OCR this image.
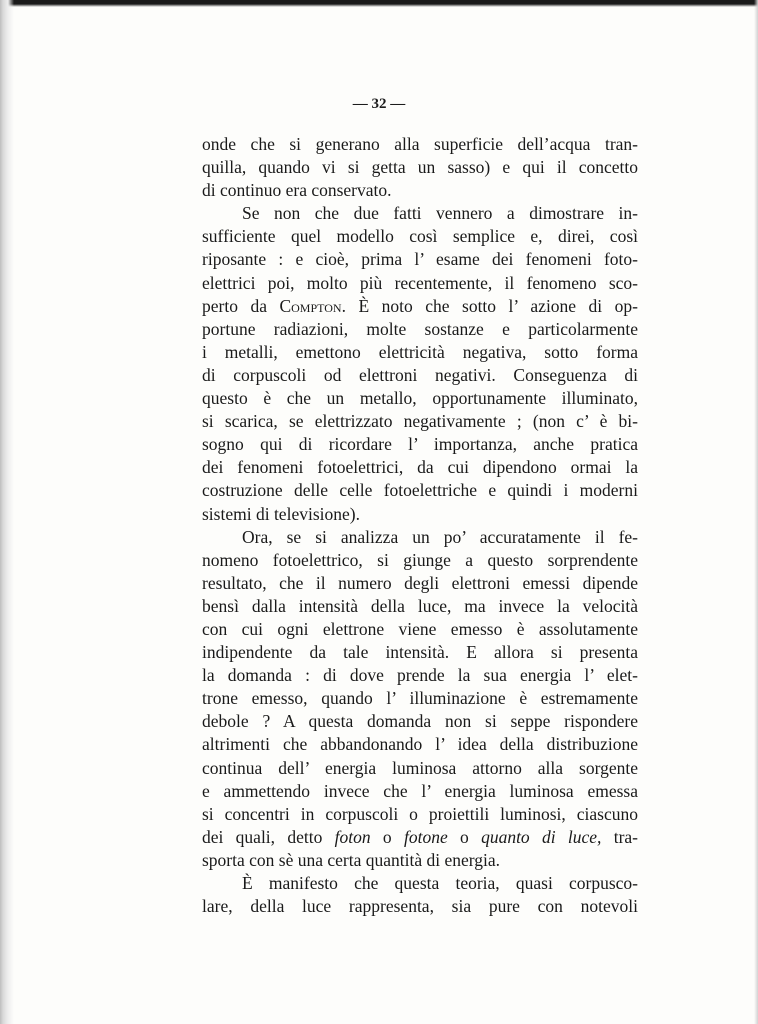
— 32 —
onde che si generano alla superficie dell’acqua tran-
quilla, quando vi si getta un sasso) e qui il concetto
di continuo era conservato.
Se non che due fatti vennero a dimostrare in-
sufficiente quel modello così semplice e, direi, così
riposante : e cioè, prima l’ esame dei fenomeni foto-
elettrici poi, molto più recentemente, il fenomeno sco-
perto da Compton. È noto che sotto l’ azione di op-
portune radiazioni, molte sostanze e particolarmente
i metalli, emettono elettricità negativa, sotto forma
di corpuscoli od elettroni negativi. Conseguenza di
questo è che un metallo, opportunamente illuminato,
si scarica, se elettrizzato negativamente ; (non c’ è bi-
sogno qui di ricordare l’ importanza, anche pratica
dei fenomeni fotoelettrici, da cui dipendono ormai la
costruzione delle celle fotoelettriche e quindi i moderni
sistemi di televisione).
Ora, se si analizza un po’ accuratamente il fe-
nomeno fotoelettrico, si giunge a questo sorprendente
resultato, che il numero degli elettroni emessi dipende
bensì dalla intensità della luce, ma invece la velocità
con cui ogni elettrone viene emesso è assolutamente
indipendente da tale intensità. E allora si presenta
la domanda : di dove prende la sua energia l’ elet-
trone emesso, quando l’ illuminazione è estremamente
debole ? A questa domanda non si seppe rispondere
altrimenti che abbandonando l’ idea della distribuzione
continua dell’ energia luminosa attorno alla sorgente
e ammettendo invece che l’ energia luminosa emessa
si concentri in corpuscoli o proiettili luminosi, ciascuno
dei quali, detto foton o fotone o quanto di luce, tra-
sporta con sè una certa quantità di energia.
È manifesto che questa teoria, quasi corpusco-
lare, della luce rappresenta, sia pure con notevoli
